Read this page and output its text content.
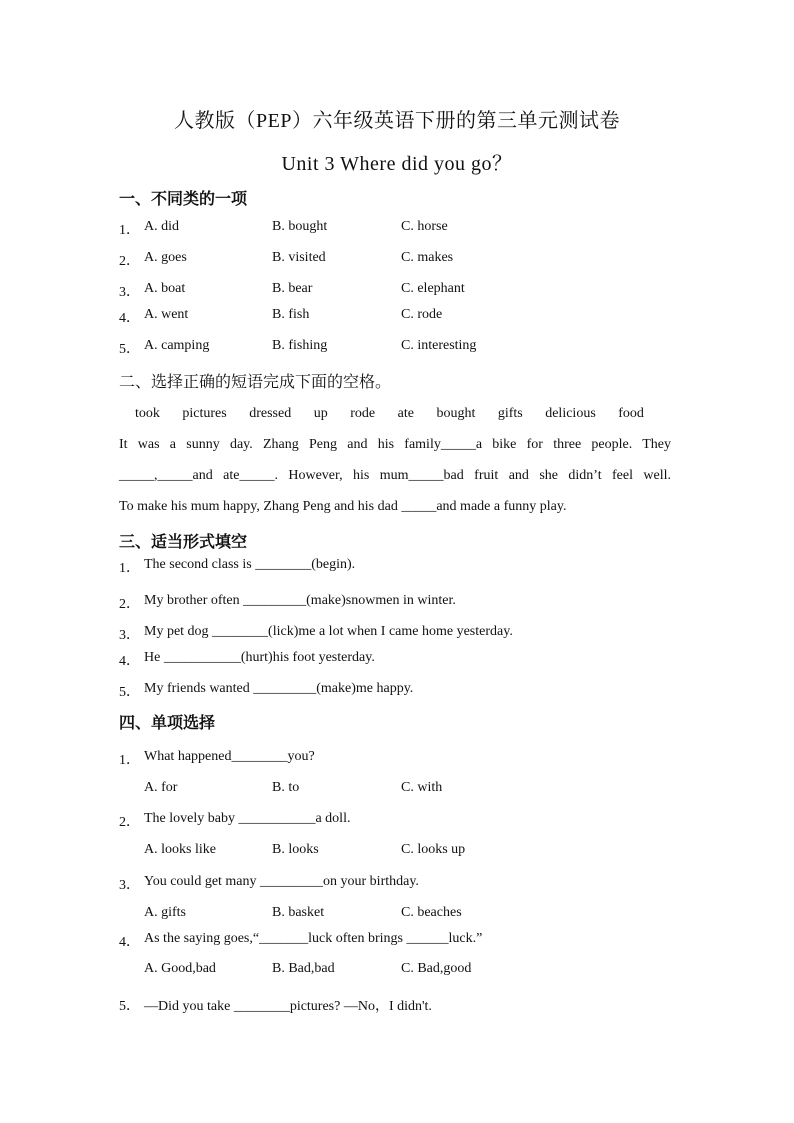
人教版（PEP）六年级英语下册的第三单元测试卷
Unit 3 Where did you go？
一、不同类的一项
1． A. did	B. bought	C. horse
2． A. goes	B. visited	C. makes
3． A. boat	B. bear	C. elephant
4． A. went	B. fish	C. rode
5． A. camping	B. fishing	C. interesting
二、选择正确的短语完成下面的空格。
took pictures dressed up rode ate bought gifts delicious food
It was a sunny day. Zhang Peng and his family_____a bike for three people. They
_____,_____and ate_____. However, his mum_____bad fruit and she didn’t feel well.
To make his mum happy, Zhang Peng and his dad _____and made a funny play.
三、适当形式填空
1． The second class is ________(begin).
2． My brother often _________(make)snowmen in winter.
3． My pet dog ________(lick)me a lot when I came home yesterday.
4． He ___________(hurt)his foot yesterday.
5． My friends wanted _________(make)me happy.
四、单项选择
1． What happened________you?
A. for	B. to	C. with
2． The lovely baby ___________a doll.
A. looks like	B. looks	C. looks up
3． You could get many _________on your birthday.
A. gifts	B. basket	C. beaches
4． As the saying goes,“_______luck often brings ______luck.”
A. Good,bad	B. Bad,bad	C. Bad,good
5． —Did you take ________pictures? —No，I didn't.
